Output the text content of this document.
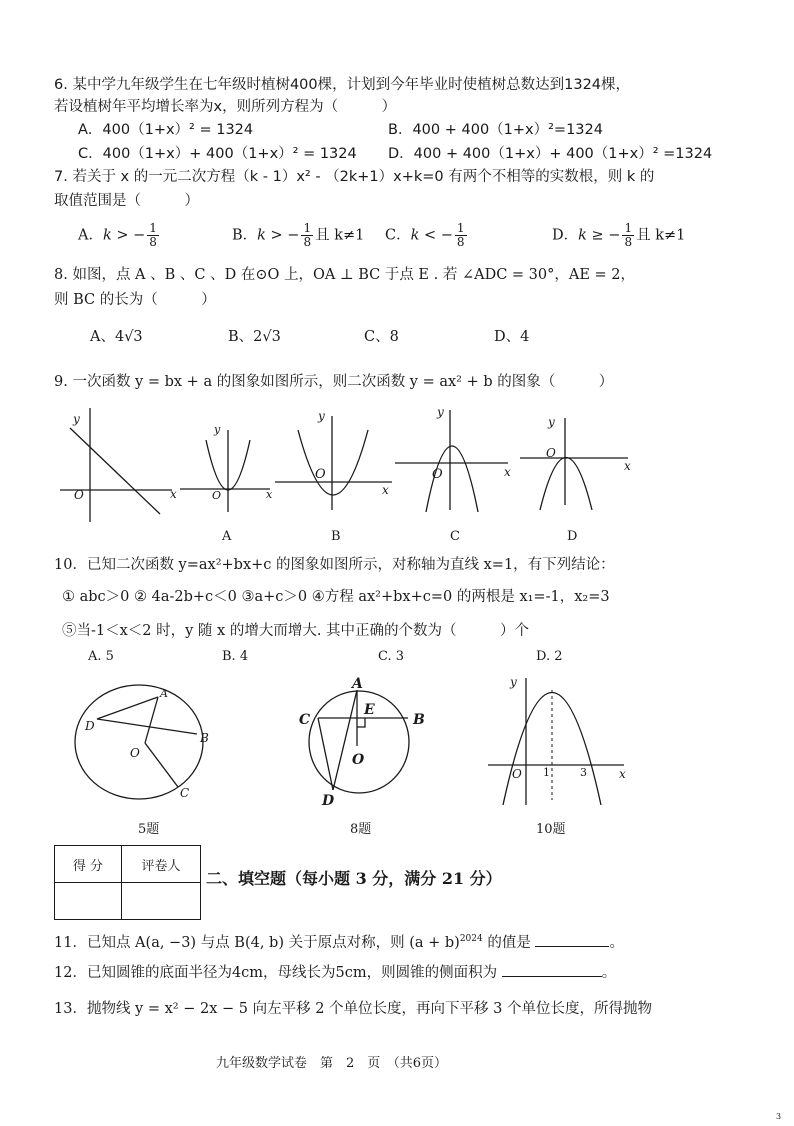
6. 某中学九年级学生在七年级时植树400棵，计划到今年毕业时使植树总数达到1324棵，
若设植树年平均增长率为x，则所列方程为（　　　）
A．400（1+x）² = 1324	B．400 + 400（1+x）²=1324
C．400（1+x）+ 400（1+x）² = 1324 D．400 + 400（1+x）+ 400（1+x）² =1324
7. 若关于 x 的一元二次方程（k - 1）x² - （2k+1）x+k=0 有两个不相等的实数根，则 k 的
取值范围是（　　　）
A．k > − $\frac{1}{8}$	B．k > − $\frac{1}{8}$ 且 k≠1 C．k < − $\frac{1}{8}$	D．k ≥ − $\frac{1}{8}$ 且 k≠1
8. 如图，点 A 、B 、C 、D 在⊙O 上，OA ⊥ BC 于点 E . 若 ∠ADC = 30°，AE = 2，
则 BC 的长为（　　　）
A、4√3	B、2√3	C、8	D、4
9. 一次函数 y = bx + a 的图象如图所示，则二次函数 y = ax² + b 的图象（　　　）
y
O	x
y
O	x
A
y
O
x
B
y
O	x
C
y
O
x
D
10．已知二次函数 y=ax²+bx+c 的图象如图所示，对称轴为直线 x=1，有下列结论：
① abc＞0 ② 4a-2b+c＜0 ③a+c＞0 ④方程 ax²+bx+c=0 的两根是 x₁=-1，x₂=3
⑤当-1＜x＜2 时，y 随 x 的增大而增大. 其中正确的个数为（　　　）个
A. 5	B. 4	C. 3	D. 2
A
D
B
O
C
5题
A
C
E
B
O
D
8题
y
O 1	3	x
10题
得 分	评卷人

二、填空题（每小题 3 分，满分 21 分）
11．已知点 A(a, −3) 与点 B(4, b) 关于原点对称，则 $(a + b)^{2024}$ 的值是	。
12．已知圆锥的底面半径为4cm，母线长为5cm，则圆锥的侧面积为	。
13．抛物线 y = x² − 2x − 5 向左平移 2 个单位长度，再向下平移 3 个单位长度，所得抛物
九年级数学试卷　第　2　页　（共6页）
3
